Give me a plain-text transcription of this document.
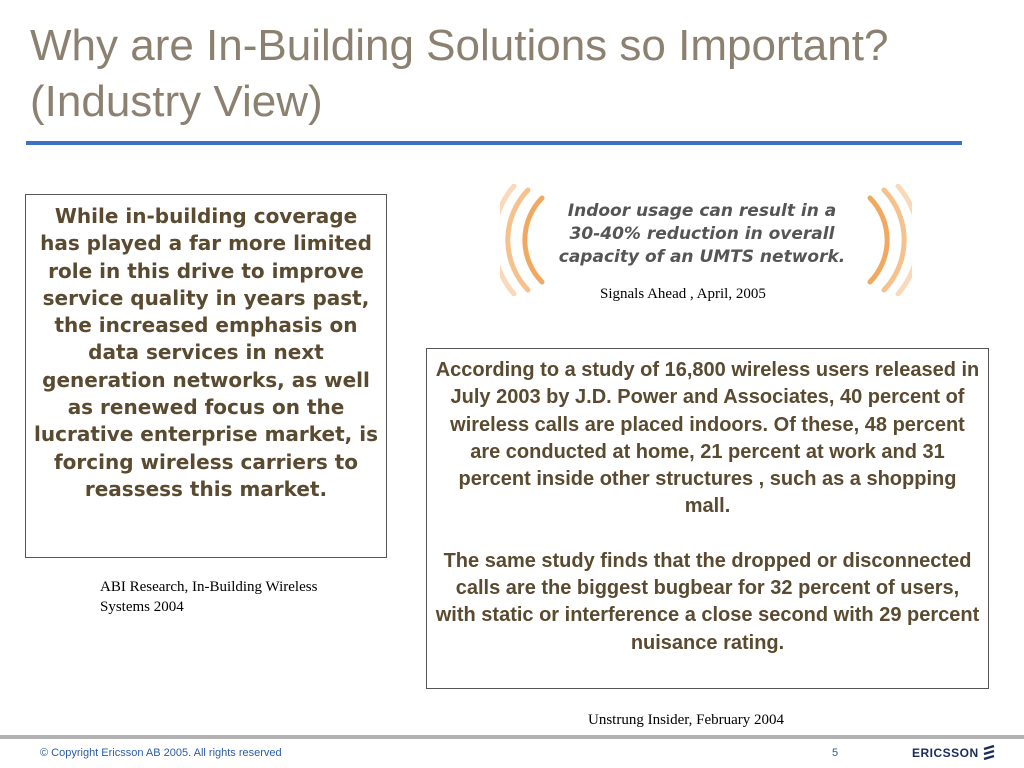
Why are In-Building Solutions so Important? (Industry View)
While in-building coverage has played a far more limited role in this drive to improve service quality in years past, the increased emphasis on data services in next generation networks, as well as renewed focus on the lucrative enterprise market, is forcing wireless carriers to reassess this market.
ABI Research, In-Building Wireless Systems 2004
Indoor usage can result in a 30-40% reduction in overall capacity of an UMTS network.
Signals Ahead , April, 2005

According to a study of 16,800 wireless users released in July 2003 by J.D. Power and Associates, 40 percent of wireless calls are placed indoors. Of these, 48 percent are conducted at home, 21 percent at work and 31 percent inside other structures , such as a shopping mall.

The same study finds that the dropped or disconnected calls are the biggest bugbear for 32 percent of users, with static or interference a close second with 29 percent nuisance rating.

Unstrung Insider, February 2004
© Copyright Ericsson AB 2005. All rights reserved	5	ERICSSON
